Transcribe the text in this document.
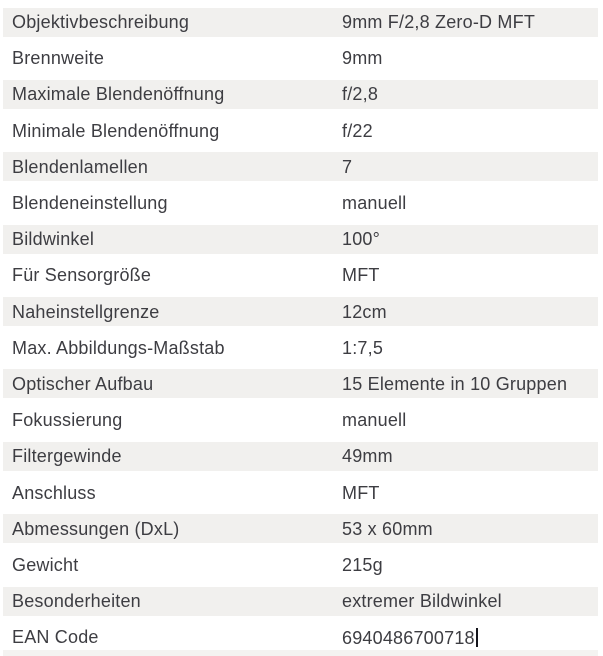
Objektivbeschreibung	9mm F/2,8 Zero-D MFT
Brennweite	9mm
Maximale Blendenöffnung	f/2,8
Minimale Blendenöffnung	f/22
Blendenlamellen	7
Blendeneinstellung	manuell
Bildwinkel	100°
Für Sensorgröße	MFT
Naheinstellgrenze	12cm
Max. Abbildungs-Maßstab	1:7,5
Optischer Aufbau	15 Elemente in 10 Gruppen
Fokussierung	manuell
Filtergewinde	49mm
Anschluss	MFT
Abmessungen (DxL)	53 x 60mm
Gewicht	215g
Besonderheiten	extremer Bildwinkel
EAN Code	6940486700718
